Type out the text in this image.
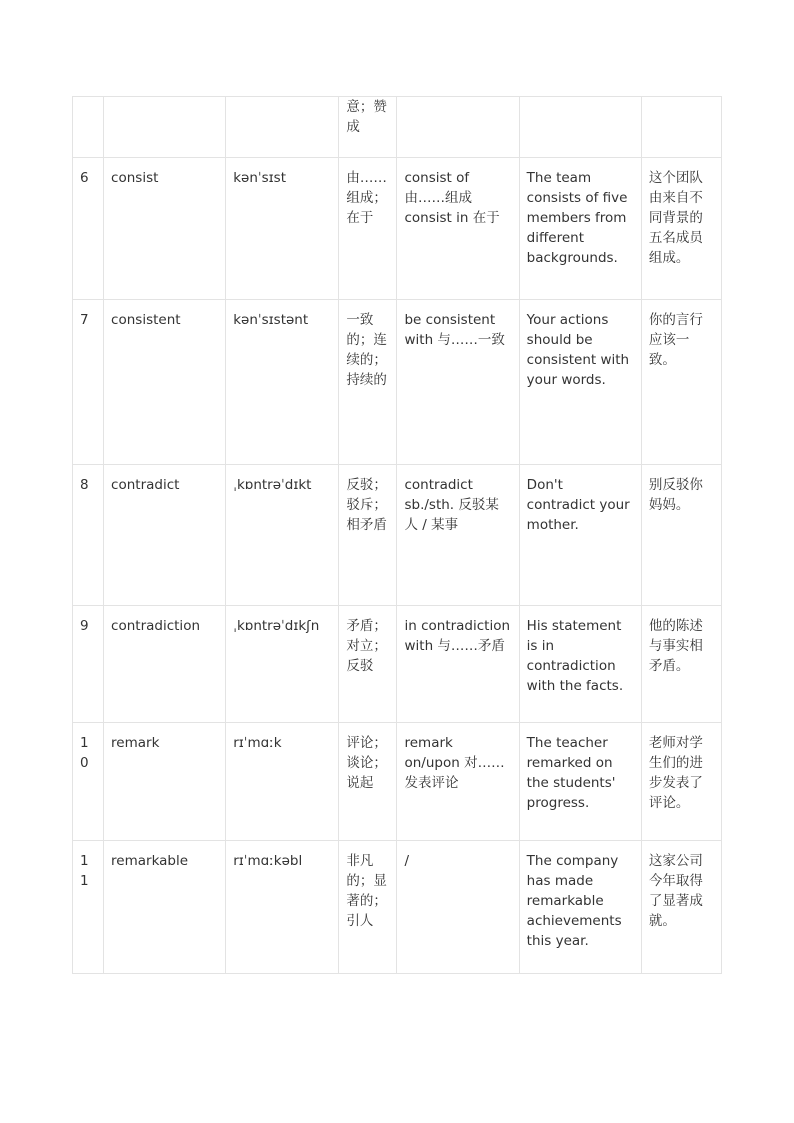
			意；赞成			
6	consist	kənˈsɪst	由……组成；在于	consist of 由……组成 consist in 在于	The team consists of five members from different backgrounds.	这个团队由来自不同背景的五名成员组成。
7	consistent	kənˈsɪstənt	一致的；连续的；持续的	be consistent with 与……一致	Your actions should be consistent with your words.	你的言行应该一致。
8	contradict	ˌkɒntrəˈdɪkt	反驳；驳斥；相矛盾	contradict sb./sth. 反驳某人 / 某事	Don't contradict your mother.	别反驳你妈妈。
9	contradiction	ˌkɒntrəˈdɪkʃn	矛盾；对立；反驳	in contradiction with 与……矛盾	His statement is in contradiction with the facts.	他的陈述与事实相矛盾。
10	remark	rɪˈmɑːk	评论；谈论；说起	remark on/upon 对……发表评论	The teacher remarked on the students' progress.	老师对学生们的进步发表了评论。
11	remarkable	rɪˈmɑːkəbl	非凡的；显著的；引人	/	The company has made remarkable achievements this year.	这家公司今年取得了显著成就。
